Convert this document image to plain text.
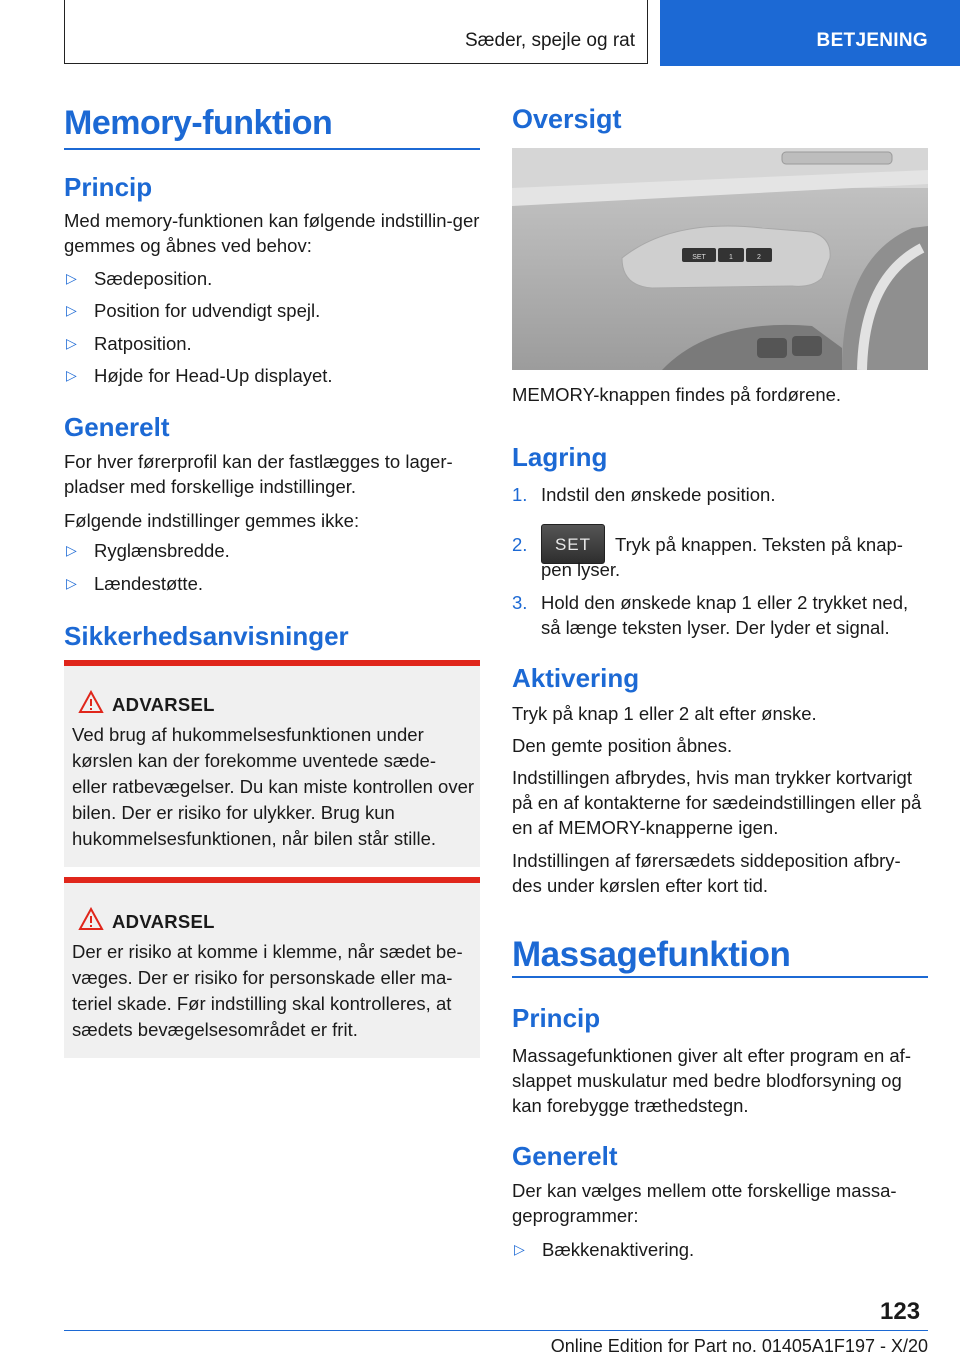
Sæder, spejle og rat	BETJENING
Memory-funktion
Princip

Med memory-funktionen kan følgende indstillin-ger gemmes og åbnes ved behov:

▷ Sædeposition.
▷ Position for udvendigt spejl.
▷ Ratposition.
▷ Højde for Head-Up displayet.
Generelt

For hver førerprofil kan der fastlægges to lager-pladser med forskellige indstillinger.

Følgende indstillinger gemmes ikke:

▷ Ryglænsbredde.
▷ Lændestøtte.
Sikkerhedsanvisninger
ADVARSEL

Ved brug af hukommelsesfunktionen under kørslen kan der forekomme uventede sæde- eller ratbevægelser. Du kan miste kontrollen over bilen. Der er risiko for ulykker. Brug kun hukommelsesfunktionen, når bilen står stille.

ADVARSEL

Der er risiko at komme i klemme, når sædet be-væges. Der er risiko for personskade eller ma-teriel skade. Før indstilling skal kontrolleres, at sædets bevægelsesområdet er frit.

Oversigt
SET	1	2

MEMORY-knappen findes på fordørene.

Lagring
1. Indstil den ønskede position.
2.	SET	Tryk på knappen. Teksten på knap-pen lyser.
3. Hold den ønskede knap 1 eller 2 trykket ned, så længe teksten lyser. Der lyder et signal.
Aktivering

Tryk på knap 1 eller 2 alt efter ønske.

Den gemte position åbnes.

Indstillingen afbrydes, hvis man trykker kortvarigt på en af kontakterne for sædeindstillingen eller på en af MEMORY-knapperne igen.

Indstillingen af førersædets siddeposition afbry-des under kørslen efter kort tid.

Massagefunktion
Princip

Massagefunktionen giver alt efter program en af-slappet muskulatur med bedre blodforsyning og kan forebygge træthedstegn.

Generelt

Der kan vælges mellem otte forskellige massa-geprogrammer:

▷ Bækkenaktivering.
123
Online Edition for Part no. 01405A1F197 - X/20
